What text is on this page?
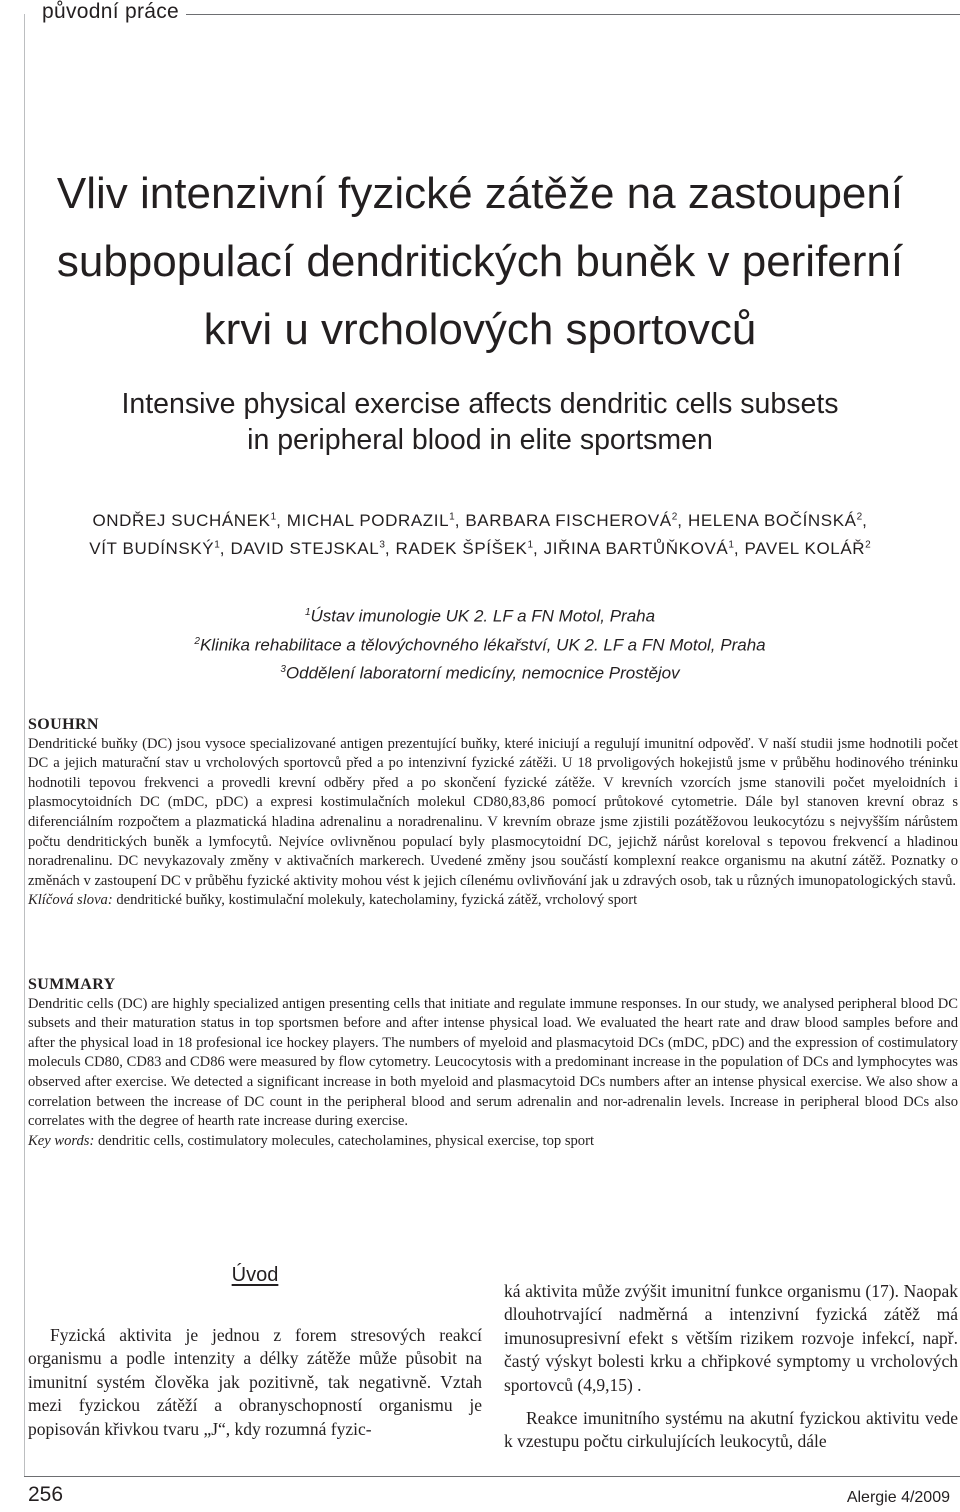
původní práce
Vliv intenzivní fyzické zátěže na zastoupení
subpopulací dendritických buněk v periferní
krvi u vrcholových sportovců
Intensive physical exercise affects dendritic cells subsets
in peripheral blood in elite sportsmen
ONDŘEJ SUCHÁNEK$^1$, MICHAL PODRAZIL$^1$, BARBARA FISCHEROVÁ$^2$, HELENA BOČÍNSKÁ$^2$,
VÍT BUDÍNSKÝ$^1$, DAVID STEJSKAL$^3$, RADEK ŠPÍŠEK$^1$, JIŘINA BARTŮŇKOVÁ$^1$, PAVEL KOLÁŘ$^2$
$^1$Ústav imunologie UK 2. LF a FN Motol, Praha
$^2$Klinika rehabilitace a tělovýchovného lékařství, UK 2. LF a FN Motol, Praha
$^3$Oddělení laboratorní medicíny, nemocnice Prostějov

SOUHRN

Dendritické buňky (DC) jsou vysoce specializované antigen prezentující buňky, které iniciují a regulují imunitní odpověď. V naší studii jsme hodnotili počet DC a jejich maturační stav u vrcholových sportovců před a po intenzivní fyzické zátěži. U 18 prvoligových hokejistů jsme v průběhu hodinového tréninku hodnotili tepovou frekvenci a provedli krevní odběry před a po skončení fyzické zátěže. V krevních vzorcích jsme stanovili počet myeloidních i plasmocytoidních DC (mDC, pDC) a expresi kostimulačních molekul CD80,83,86 pomocí průtokové cytometrie. Dále byl stanoven krevní obraz s diferenciálním rozpočtem a plazmatická hladina adrenalinu a noradrenalinu. V krevním obraze jsme zjistili pozátěžovou leukocytózu s nejvyšším nárůstem počtu dendritických buněk a lymfocytů. Nejvíce ovlivněnou populací byly plasmocytoidní DC, jejichž nárůst koreloval s tepovou frekvencí a hladinou noradrenalinu. DC nevykazovaly změny v aktivačních markerech. Uvedené změny jsou součástí komplexní reakce organismu na akutní zátěž. Poznatky o změnách v zastoupení DC v průběhu fyzické aktivity mohou vést k jejich cílenému ovlivňování jak u zdravých osob, tak u různých imunopatologických stavů.

Klíčová slova: dendritické buňky, kostimulační molekuly, katecholaminy, fyzická zátěž, vrcholový sport

SUMMARY

Dendritic cells (DC) are highly specialized antigen presenting cells that initiate and regulate immune responses. In our study, we analysed peripheral blood DC subsets and their maturation status in top sportsmen before and after intense physical load. We evaluated the heart rate and draw blood samples before and after the physical load in 18 profesional ice hockey players. The numbers of myeloid and plasmacytoid DCs (mDC, pDC) and the expression of costimulatory moleculs CD80, CD83 and CD86 were measured by flow cytometry. Leucocytosis with a predominant increase in the population of DCs and lymphocytes was observed after exercise. We detected a significant increase in both myeloid and plasmacytoid DCs numbers after an intense physical exercise. We also show a correlation between the increase of DC count in the peripheral blood and serum adrenalin and nor-adrenalin levels. Increase in peripheral blood DCs also correlates with the degree of hearth rate increase during exercise.

Key words: dendritic cells, costimulatory molecules, catecholamines, physical exercise, top sport

Úvod

Fyzická aktivita je jednou z forem stresových reakcí organismu a podle intenzity a délky zátěže může působit na imunitní systém člověka jak pozitivně, tak negativně. Vztah mezi fyzickou zátěží a obranyschopností organismu je popisován křivkou tvaru „J“, kdy rozumná fyzic-

ká aktivita může zvýšit imunitní funkce organismu (17). Naopak dlouhotrvající nadměrná a intenzivní fyzická zátěž má imunosupresivní efekt s větším rizikem rozvoje infekcí, např. častý výskyt bolesti krku a chřipkové symptomy u vrcholových sportovců (4,9,15) .

Reakce imunitního systému na akutní fyzickou aktivitu vede k vzestupu počtu cirkulujících leukocytů, dále

256	Alergie 4/2009
